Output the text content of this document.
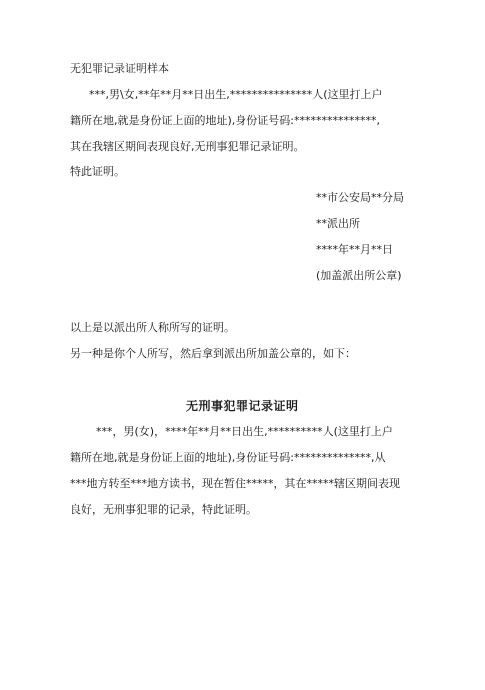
无犯罪记录证明样本
***,男\女,**年**月**日出生,***************人(这里打上户
籍所在地,就是身份证上面的地址),身份证号码:***************,
其在我辖区期间表现良好,无刑事犯罪记录证明。
特此证明。
**市公安局**分局
**派出所
****年**月**日
(加盖派出所公章)
以上是以派出所人称所写的证明。
另一种是你个人所写，然后拿到派出所加盖公章的，如下：
无刑事犯罪记录证明
***，男(女)，****年**月**日出生,**********人(这里打上户
籍所在地,就是身份证上面的地址),身份证号码:**************,从
***地方转至***地方读书，现在暂住*****，其在*****辖区期间表现
良好，无刑事犯罪的记录，特此证明。
